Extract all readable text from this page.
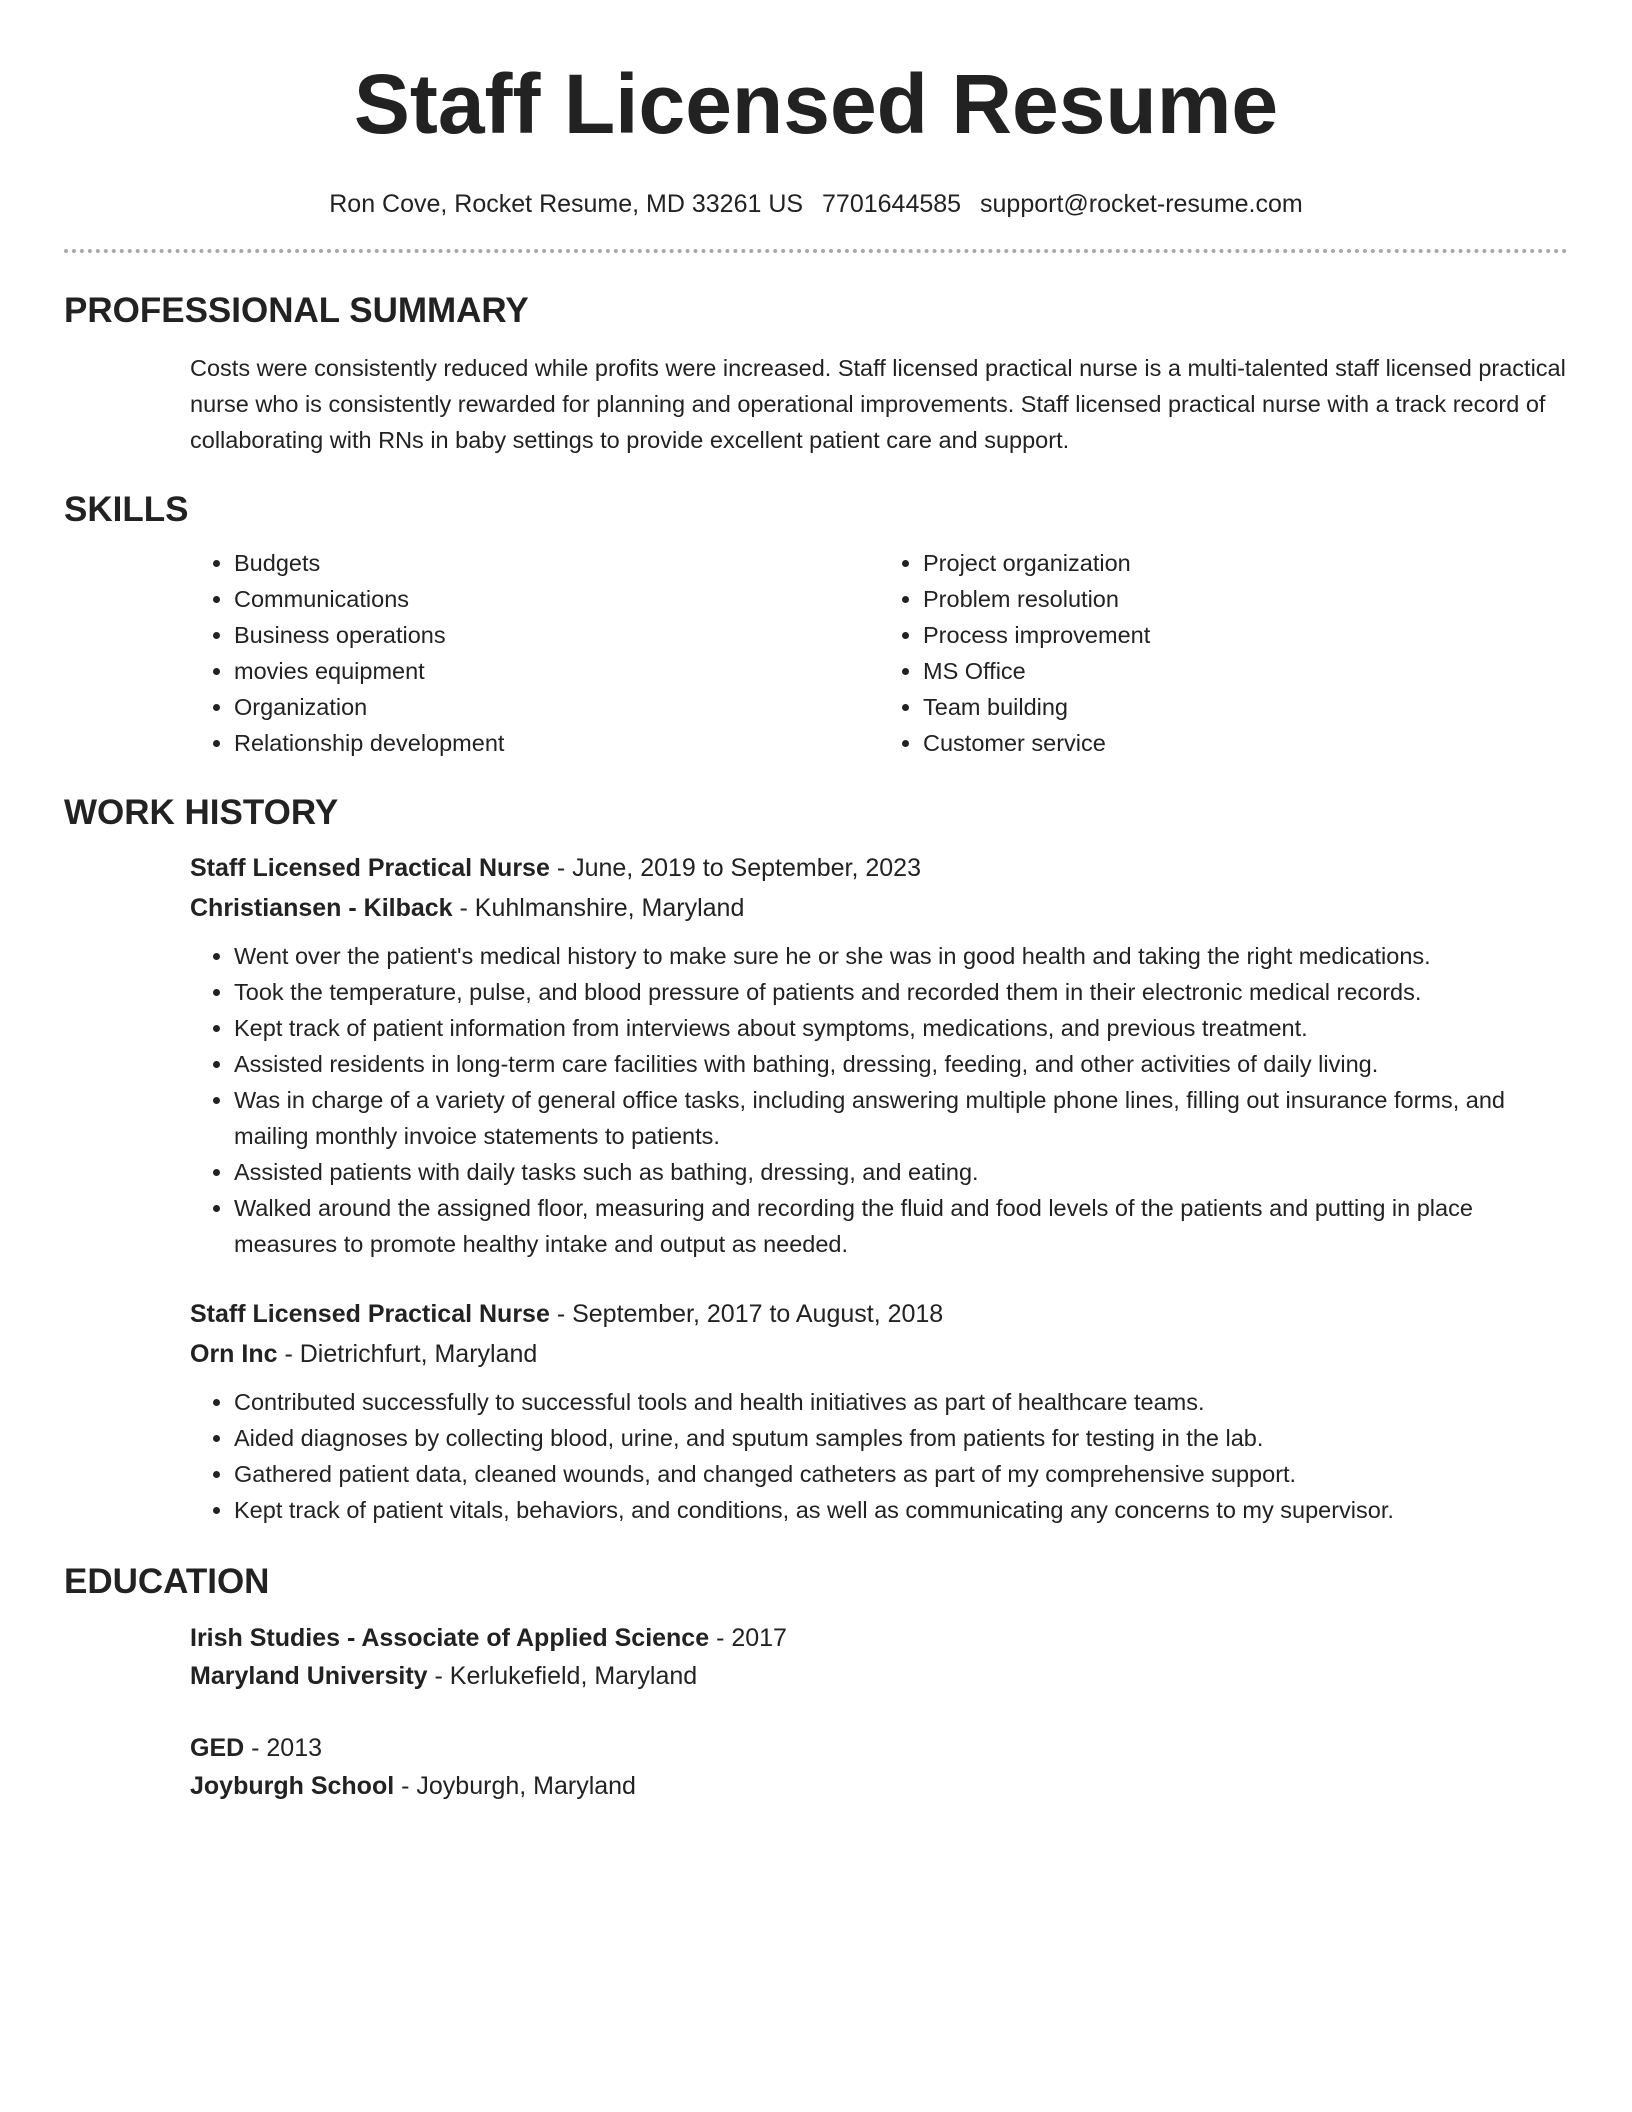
Staff Licensed Resume
Ron Cove, Rocket Resume, MD 33261 US 7701644585 support@rocket-resume.com
PROFESSIONAL SUMMARY

Costs were consistently reduced while profits were increased. Staff licensed practical nurse is a multi-talented staff licensed practical nurse who is consistently rewarded for planning and operational improvements. Staff licensed practical nurse with a track record of collaborating with RNs in baby settings to provide excellent patient care and support.

SKILLS
• Budgets
• Communications
• Business operations
• movies equipment
• Organization
• Relationship development
• Project organization
• Problem resolution
• Process improvement
• MS Office
• Team building
• Customer service
WORK HISTORY
Staff Licensed Practical Nurse - June, 2019 to September, 2023
Christiansen - Kilback - Kuhlmanshire, Maryland
• Went over the patient's medical history to make sure he or she was in good health and taking the right medications.
• Took the temperature, pulse, and blood pressure of patients and recorded them in their electronic medical records.
• Kept track of patient information from interviews about symptoms, medications, and previous treatment.
• Assisted residents in long-term care facilities with bathing, dressing, feeding, and other activities of daily living.
• Was in charge of a variety of general office tasks, including answering multiple phone lines, filling out insurance forms, and mailing monthly invoice statements to patients.
• Assisted patients with daily tasks such as bathing, dressing, and eating.
• Walked around the assigned floor, measuring and recording the fluid and food levels of the patients and putting in place measures to promote healthy intake and output as needed.
Staff Licensed Practical Nurse - September, 2017 to August, 2018
Orn Inc - Dietrichfurt, Maryland
• Contributed successfully to successful tools and health initiatives as part of healthcare teams.
• Aided diagnoses by collecting blood, urine, and sputum samples from patients for testing in the lab.
• Gathered patient data, cleaned wounds, and changed catheters as part of my comprehensive support.
• Kept track of patient vitals, behaviors, and conditions, as well as communicating any concerns to my supervisor.
EDUCATION
Irish Studies - Associate of Applied Science - 2017
Maryland University - Kerlukefield, Maryland
GED - 2013
Joyburgh School - Joyburgh, Maryland
